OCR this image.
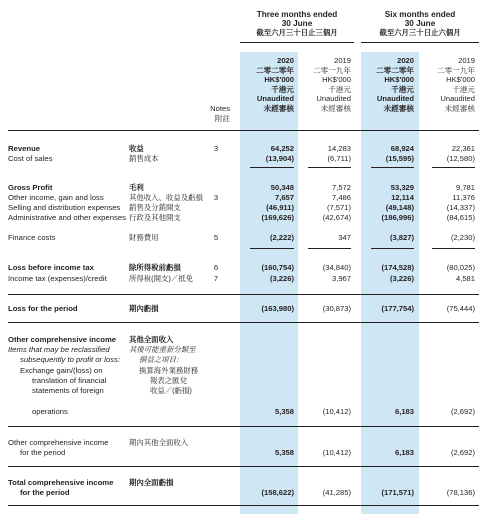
Three months ended
30 June
截至六月三十日止三個月
Six months ended
30 June
截至六月三十日止六個月
2020
二零二零年
HK$'000
千港元
Unaudited
未經審核
2019
二零一九年
HK$'000
千港元
Unaudited
未經審核
2020
二零二零年
HK$'000
千港元
Unaudited
未經審核
2019
二零一九年
HK$'000
千港元
Unaudited
未經審核
Notes
附註
Revenue	收益	3	64,252	14,283	68,924	22,361
Cost of sales	銷售成本	(13,904)	(6,711)	(15,595)	(12,580)
Gross Profit	毛利	50,348	7,572	53,329	9,781
Other income, gain and loss	其他收入、收益及虧損	3	7,657	7,486	12,114	11,376
Selling and distribution expenses 銷售及分銷開支	(46,911)	(7,571)	(49,148)	(14,337)
Administrative and other expenses 行政及其他開支	(169,626)	(42,674)	(186,996)	(84,615)
Finance costs	財務費用	5	(2,222)	347	(3,827)	(2,230)
Loss before income tax	除所得稅前虧損	6	(160,754)	(34,840)	(174,528)	(80,025)
Income tax (expenses)/credit	所得稅(開支)／抵免	7	(3,226)	3,967	(3,226)	4,581
Loss for the period	期內虧損	(163,980)	(30,873)	(177,754)	(75,444)
Other comprehensive income 其他全面收入
Items that may be reclassified
subsequently to profit or loss:
其後可能重新分類至
損益之項目：
Exchange gain/(loss) on
translation of financial
statements of foreign
operations
換算海外業務財務
報表之匯兌
收益／(虧損)
5,358	(10,412)	6,183	(2,692)
Other comprehensive income
for the period
期內其他全面收入
5,358	(10,412)	6,183	(2,692)
Total comprehensive income
for the period
期內全面虧損
(158,622)	(41,285)	(171,571)	(78,136)
